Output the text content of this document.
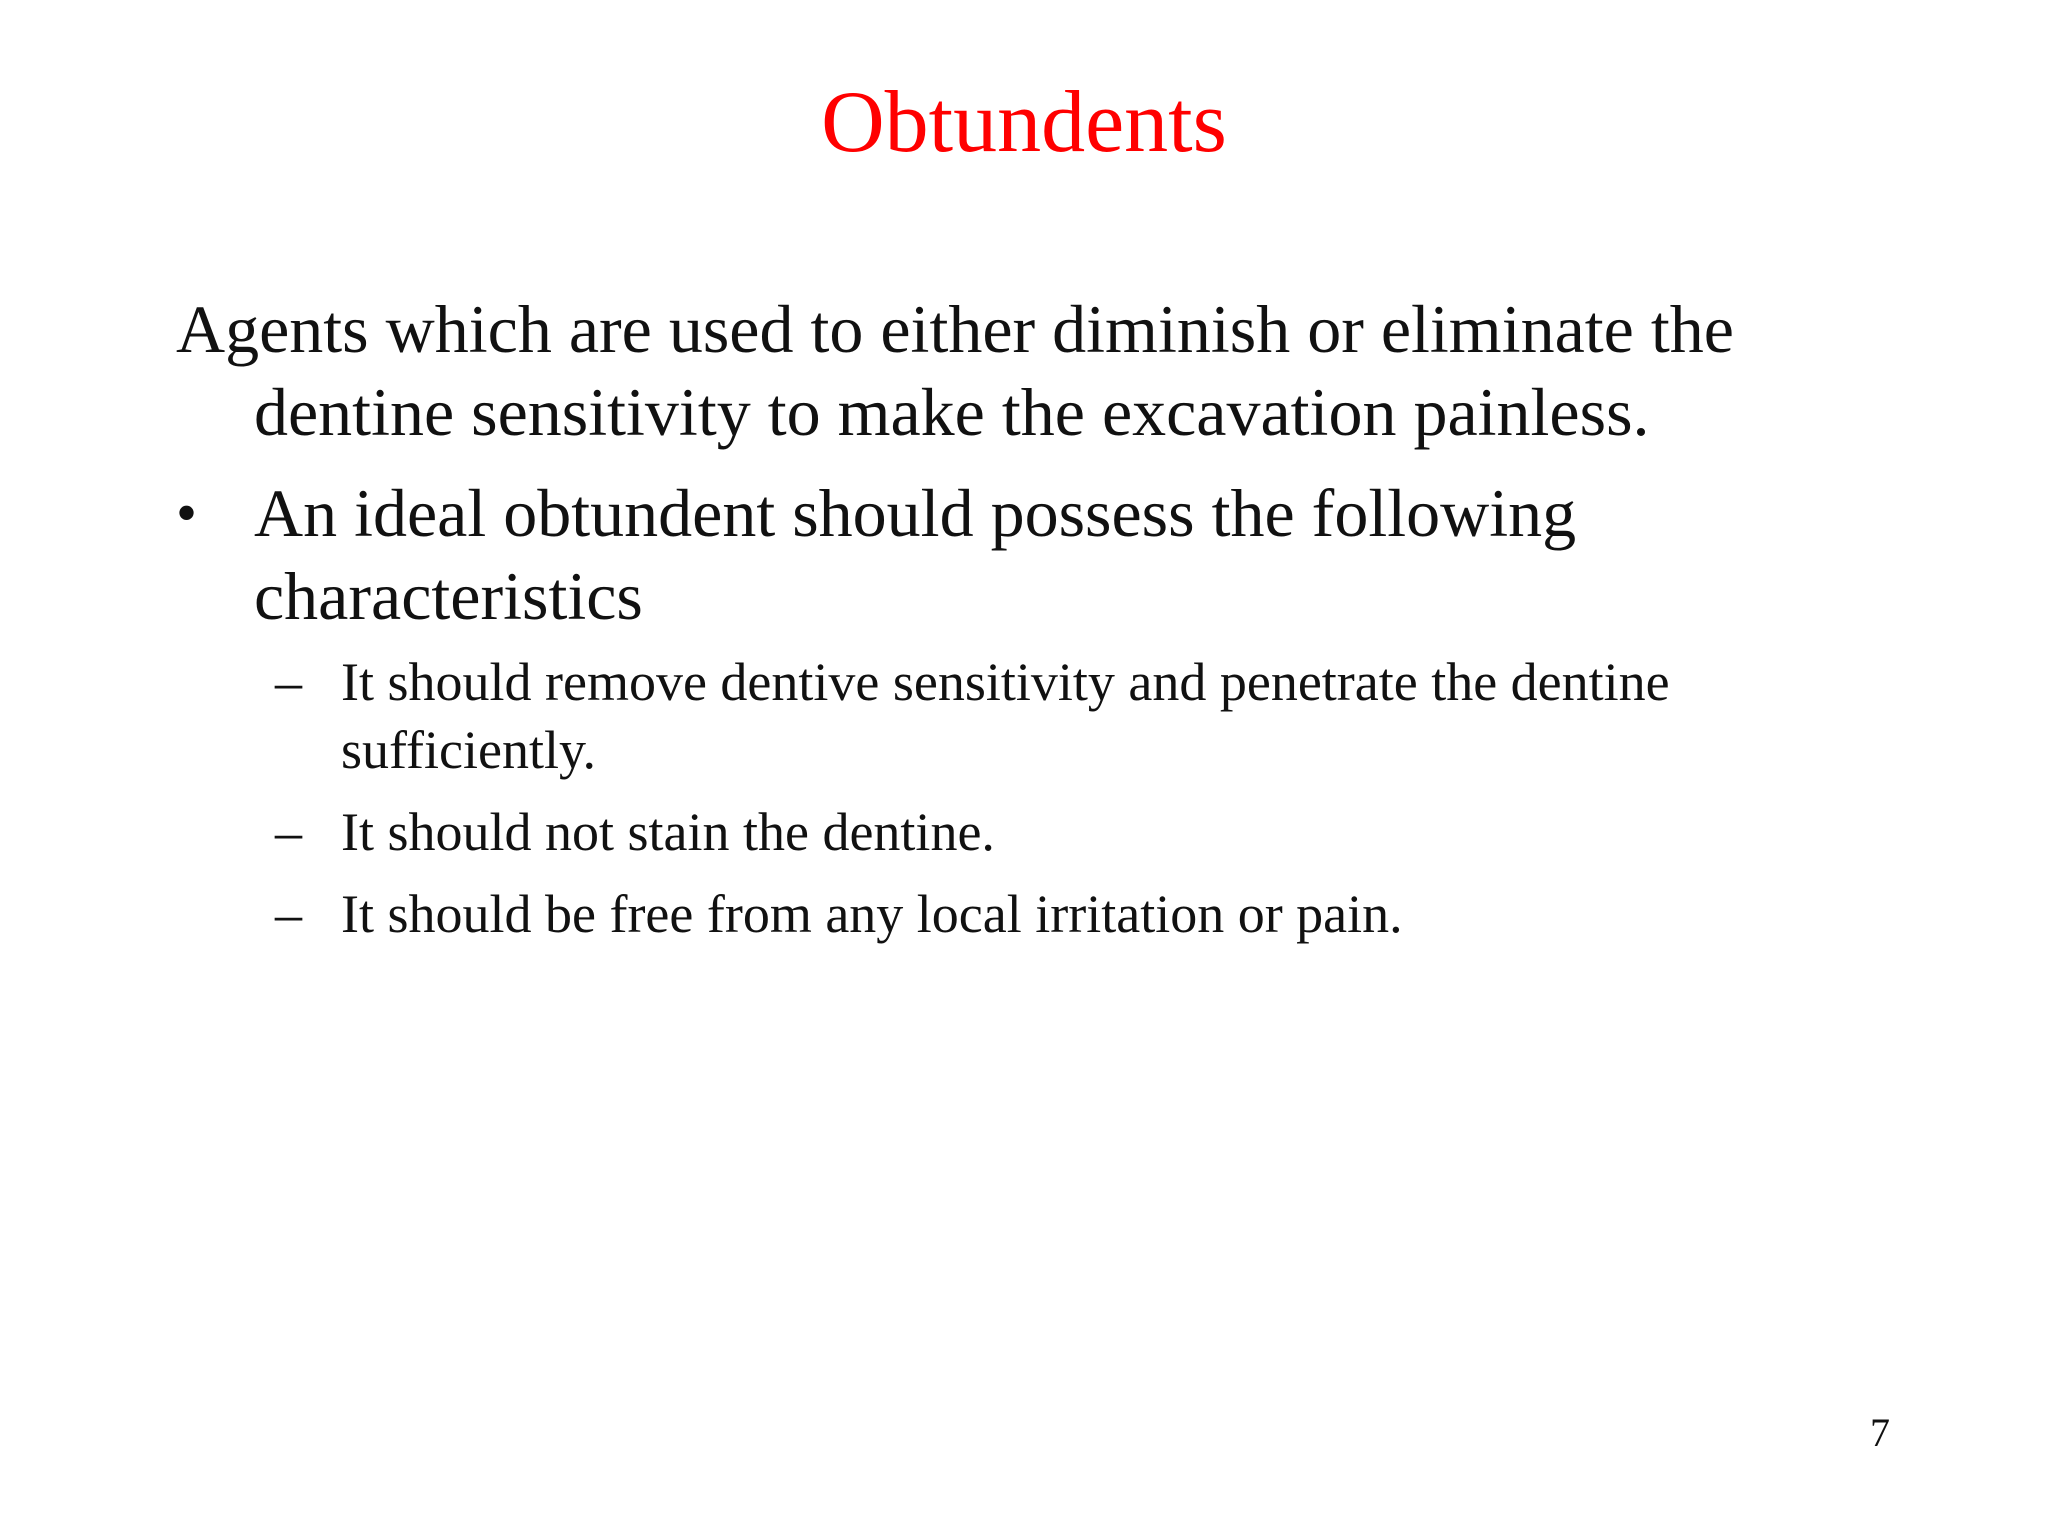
Obtundents
Agents which are used to either diminish or eliminate the dentine sensitivity to make the excavation painless.
• An ideal obtundent should possess the following characteristics
– It should remove dentive sensitivity and penetrate the dentine sufficiently.
– It should not stain the dentine.
– It should be free from any local irritation or pain.
7
